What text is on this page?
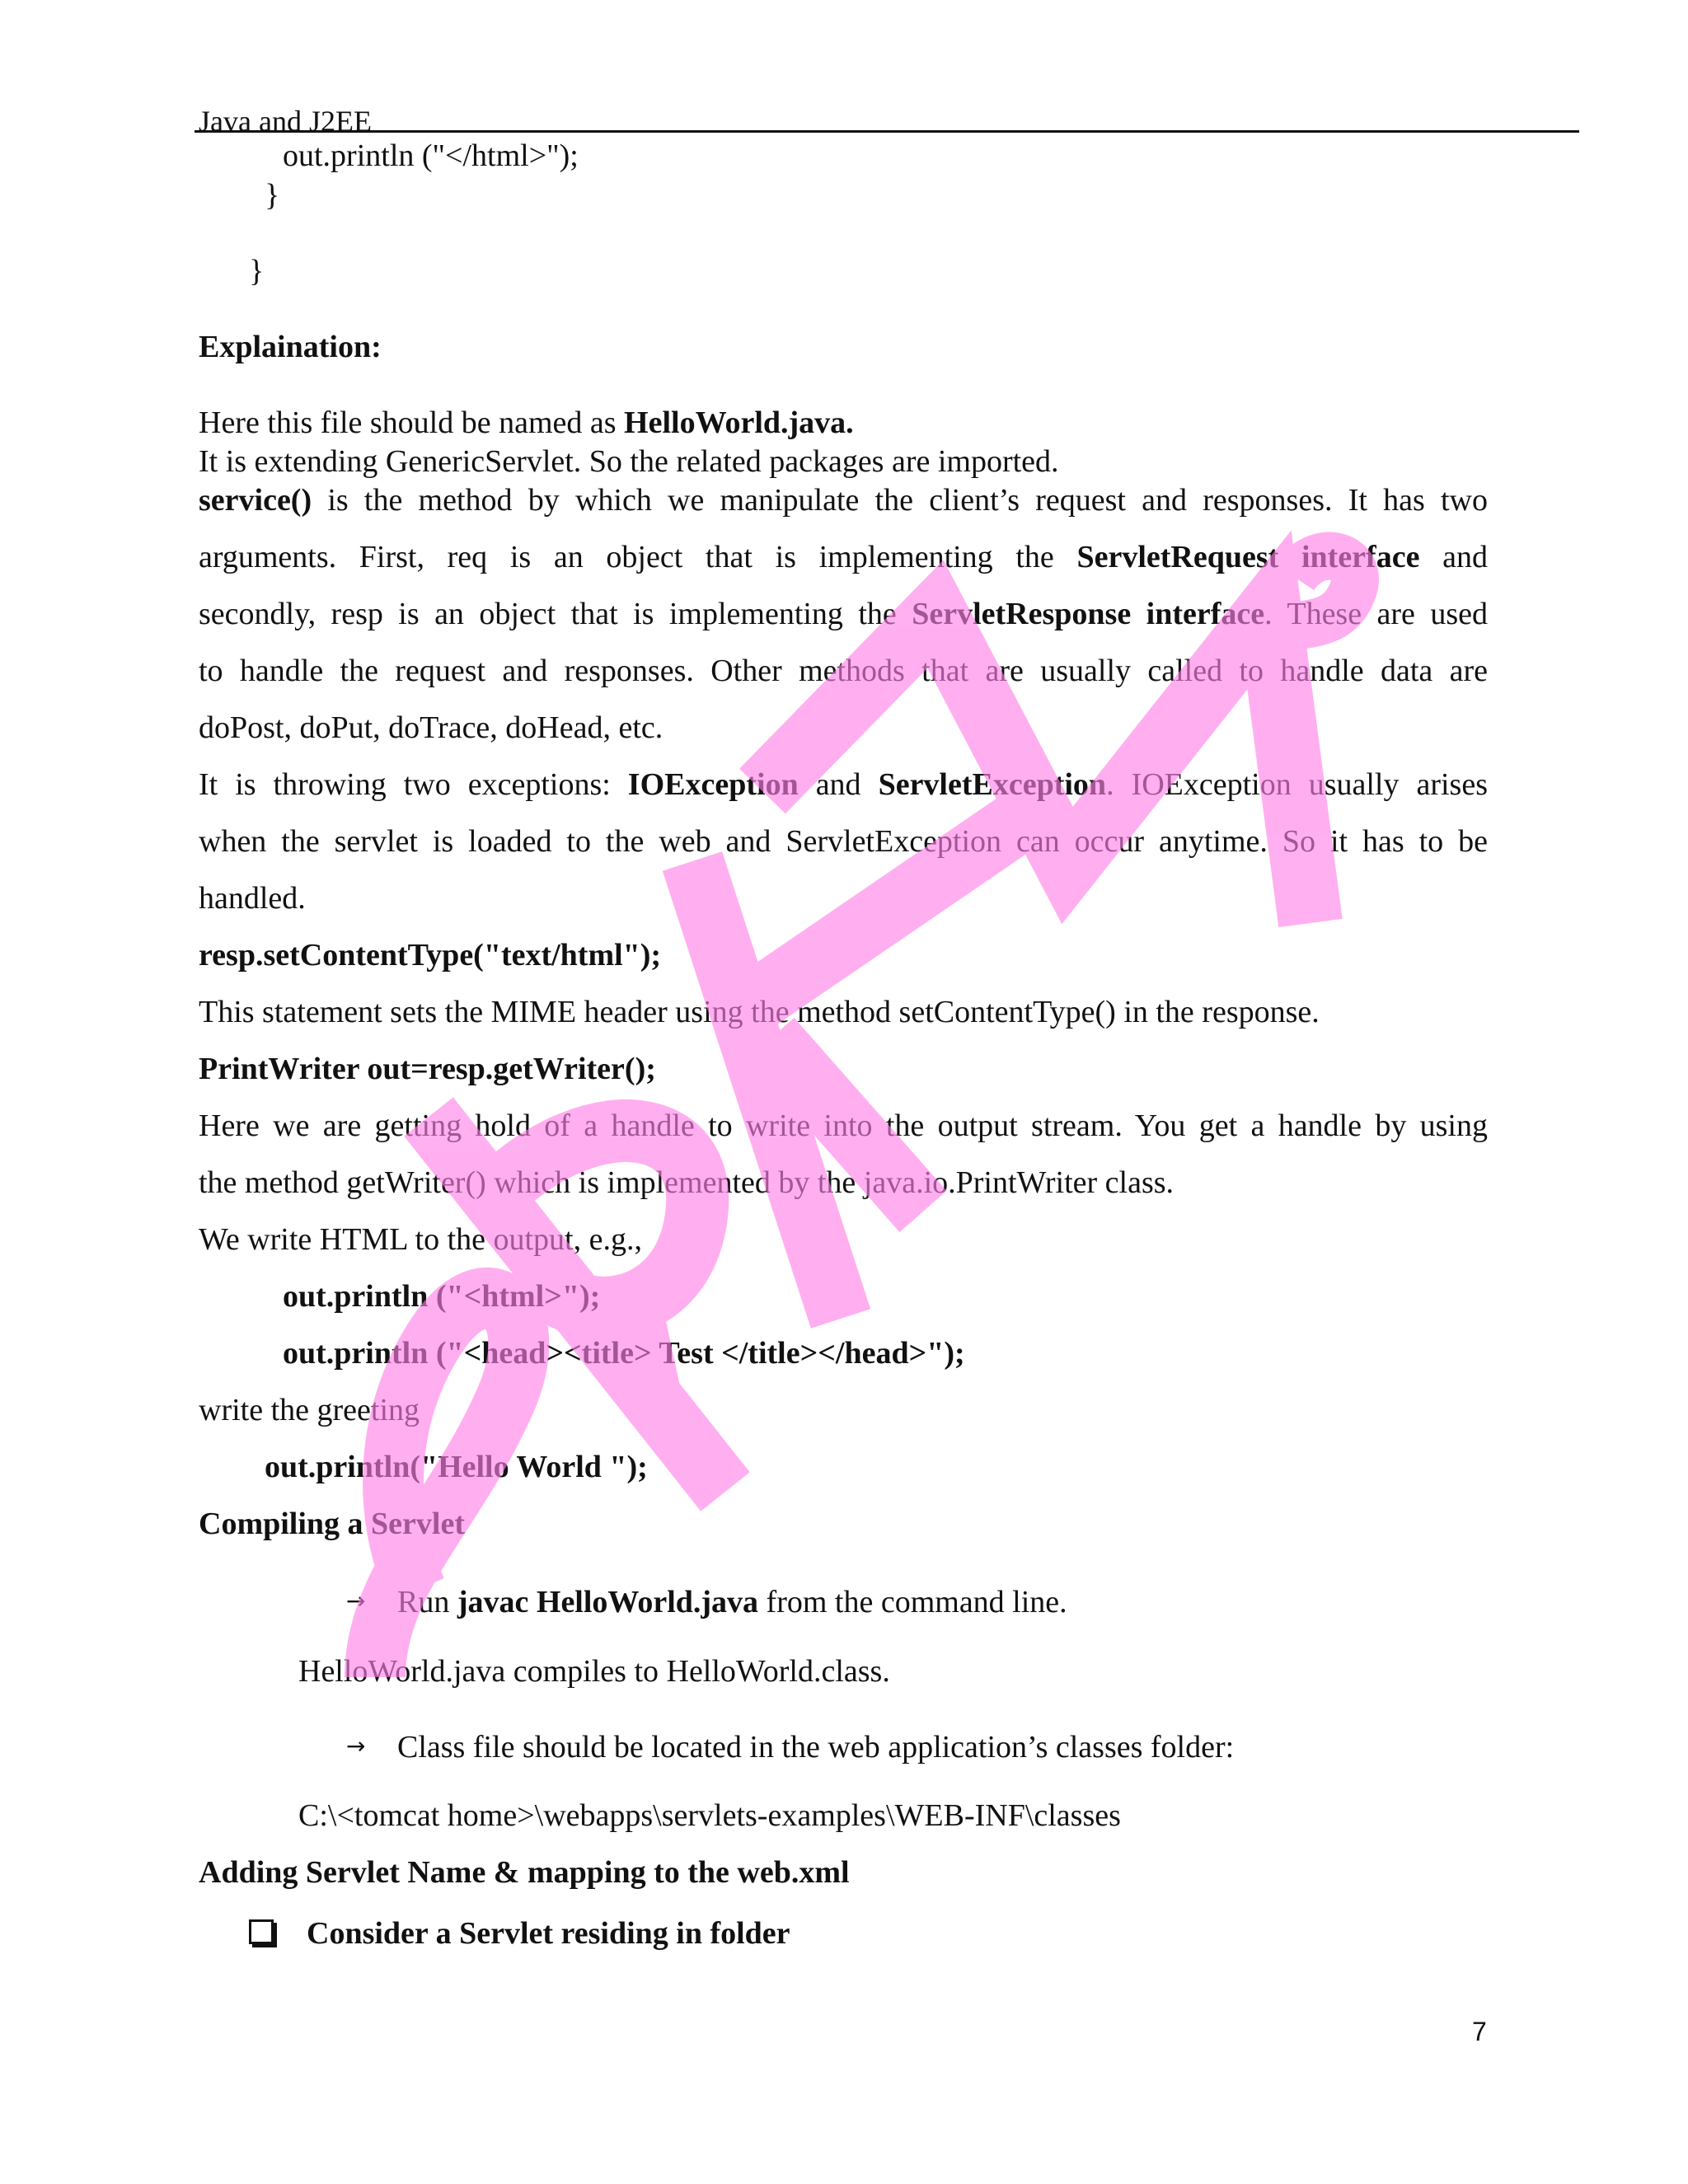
Java and J2EE
out.println ("</html>");
}
}
Explaination:
Here this file should be named as HelloWorld.java.
It is extending GenericServlet. So the related packages are imported.
service() is the method by which we manipulate the client’s request and responses. It has two
arguments. First, req is an object that is implementing the ServletRequest interface and
secondly, resp is an object that is implementing the ServletResponse interface. These are used
to handle the request and responses. Other methods that are usually called to handle data are
doPost, doPut, doTrace, doHead, etc.
It is throwing two exceptions: IOException and ServletException. IOException usually arises
when the servlet is loaded to the web and ServletException can occur anytime. So it has to be
handled.
resp.setContentType("text/html");
This statement sets the MIME header using the method setContentType() in the response.
PrintWriter out=resp.getWriter();
Here we are getting hold of a handle to write into the output stream. You get a handle by using
the method getWriter() which is implemented by the java.io.PrintWriter class.
We write HTML to the output, e.g.,
out.println ("<html>");
out.println ("<head><title> Test </title></head>");
write the greeting
out.println("Hello World ");
Compiling a Servlet
→ Run javac HelloWorld.java from the command line.
HelloWorld.java compiles to HelloWorld.class.
→ Class file should be located in the web application’s classes folder:
C:\<tomcat home>\webapps\servlets-examples\WEB-INF\classes
Adding Servlet Name & mapping to the web.xml
Consider a Servlet residing in folder
7
